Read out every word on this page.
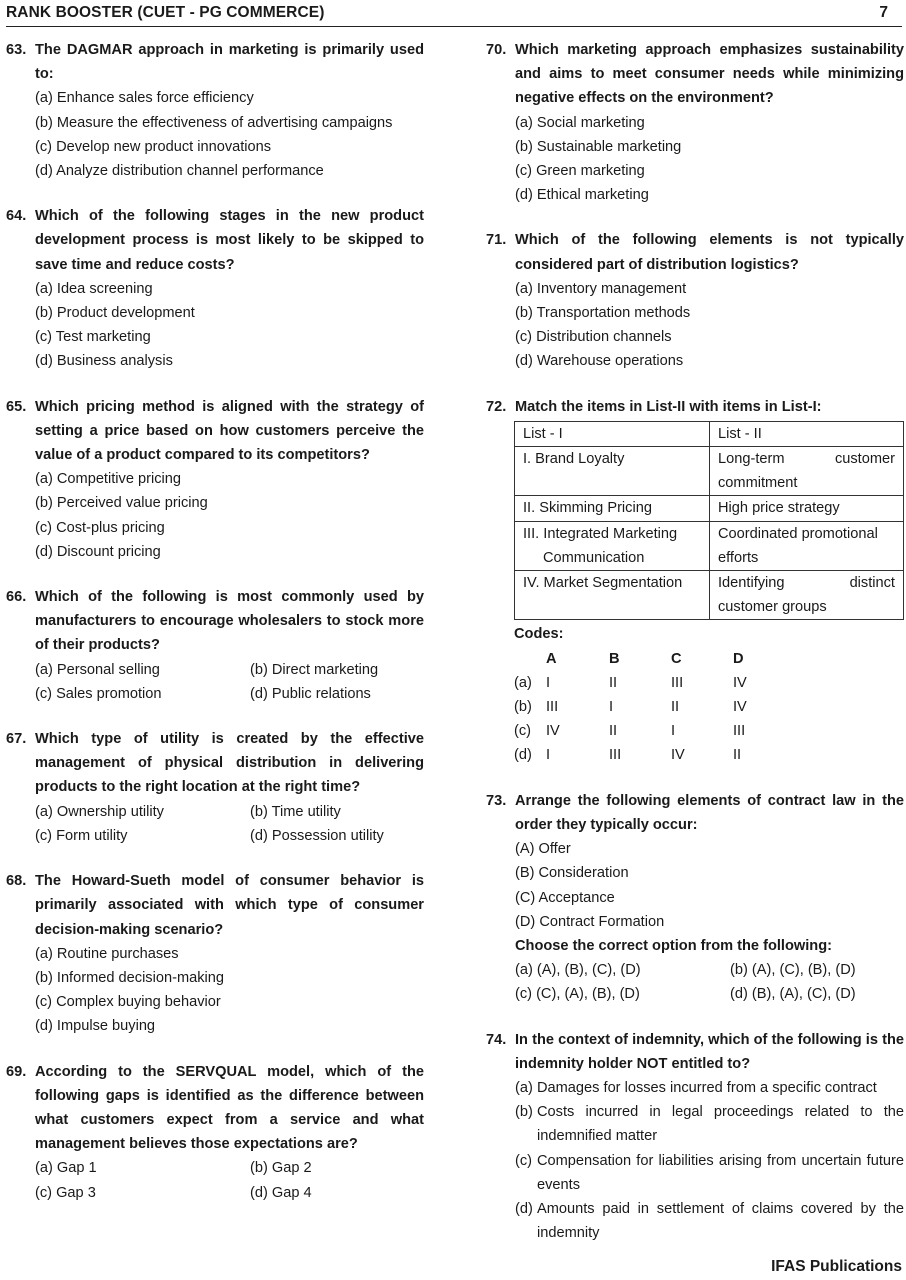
RANK BOOSTER (CUET - PG COMMERCE)	7
63. The DAGMAR approach in marketing is primarily used to:
(a) Enhance sales force efficiency
(b) Measure the effectiveness of advertising campaigns
(c) Develop new product innovations
(d) Analyze distribution channel performance
64. Which of the following stages in the new product development process is most likely to be skipped to save time and reduce costs?
(a) Idea screening
(b) Product development
(c) Test marketing
(d) Business analysis
65. Which pricing method is aligned with the strategy of setting a price based on how customers perceive the value of a product compared to its competitors?
(a) Competitive pricing
(b) Perceived value pricing
(c) Cost-plus pricing
(d) Discount pricing
66. Which of the following is most commonly used by manufacturers to encourage wholesalers to stock more of their products?
(a) Personal selling	(b) Direct marketing
(c) Sales promotion	(d) Public relations
67. Which type of utility is created by the effective management of physical distribution in delivering products to the right location at the right time?
(a) Ownership utility	(b) Time utility
(c) Form utility	(d) Possession utility
68. The Howard-Sueth model of consumer behavior is primarily associated with which type of consumer decision-making scenario?
(a) Routine purchases
(b) Informed decision-making
(c) Complex buying behavior
(d) Impulse buying
69. According to the SERVQUAL model, which of the following gaps is identified as the difference between what customers expect from a service and what management believes those expectations are?
(a) Gap 1	(b) Gap 2
(c) Gap 3	(d) Gap 4
70. Which marketing approach emphasizes sustainability and aims to meet consumer needs while minimizing negative effects on the environment?
(a) Social marketing
(b) Sustainable marketing
(c) Green marketing
(d) Ethical marketing
71. Which of the following elements is not typically considered part of distribution logistics?
(a) Inventory management
(b) Transportation methods
(c) Distribution channels
(d) Warehouse operations
72. Match the items in List-II with items in List-I:
List - I	List - II
I. Brand Loyalty	Long-term customer commitment
II. Skimming Pricing	High price strategy
III. Integrated Marketing
Communication	Coordinated promotional efforts
IV. Market Segmentation	Identifying distinct customer groups
Codes:
A	B	C	D
(a) I	II	III	IV
(b) III	I	II	IV
(c)	IV	II	I	III
(d) I	III	IV	II
73. Arrange the following elements of contract law in the order they typically occur:
(A) Offer
(B) Consideration
(C) Acceptance
(D) Contract Formation
Choose the correct option from the following:
(a) (A), (B), (C), (D)	(b) (A), (C), (B), (D)
(c) (C), (A), (B), (D)	(d) (B), (A), (C), (D)
74. In the context of indemnity, which of the following is the indemnity holder NOT entitled to?
(a) Damages for losses incurred from a specific contract
(b) Costs incurred in legal proceedings related to the indemnified matter
(c) Compensation for liabilities arising from uncertain future events
(d) Amounts paid in settlement of claims covered by the indemnity
IFAS Publications
